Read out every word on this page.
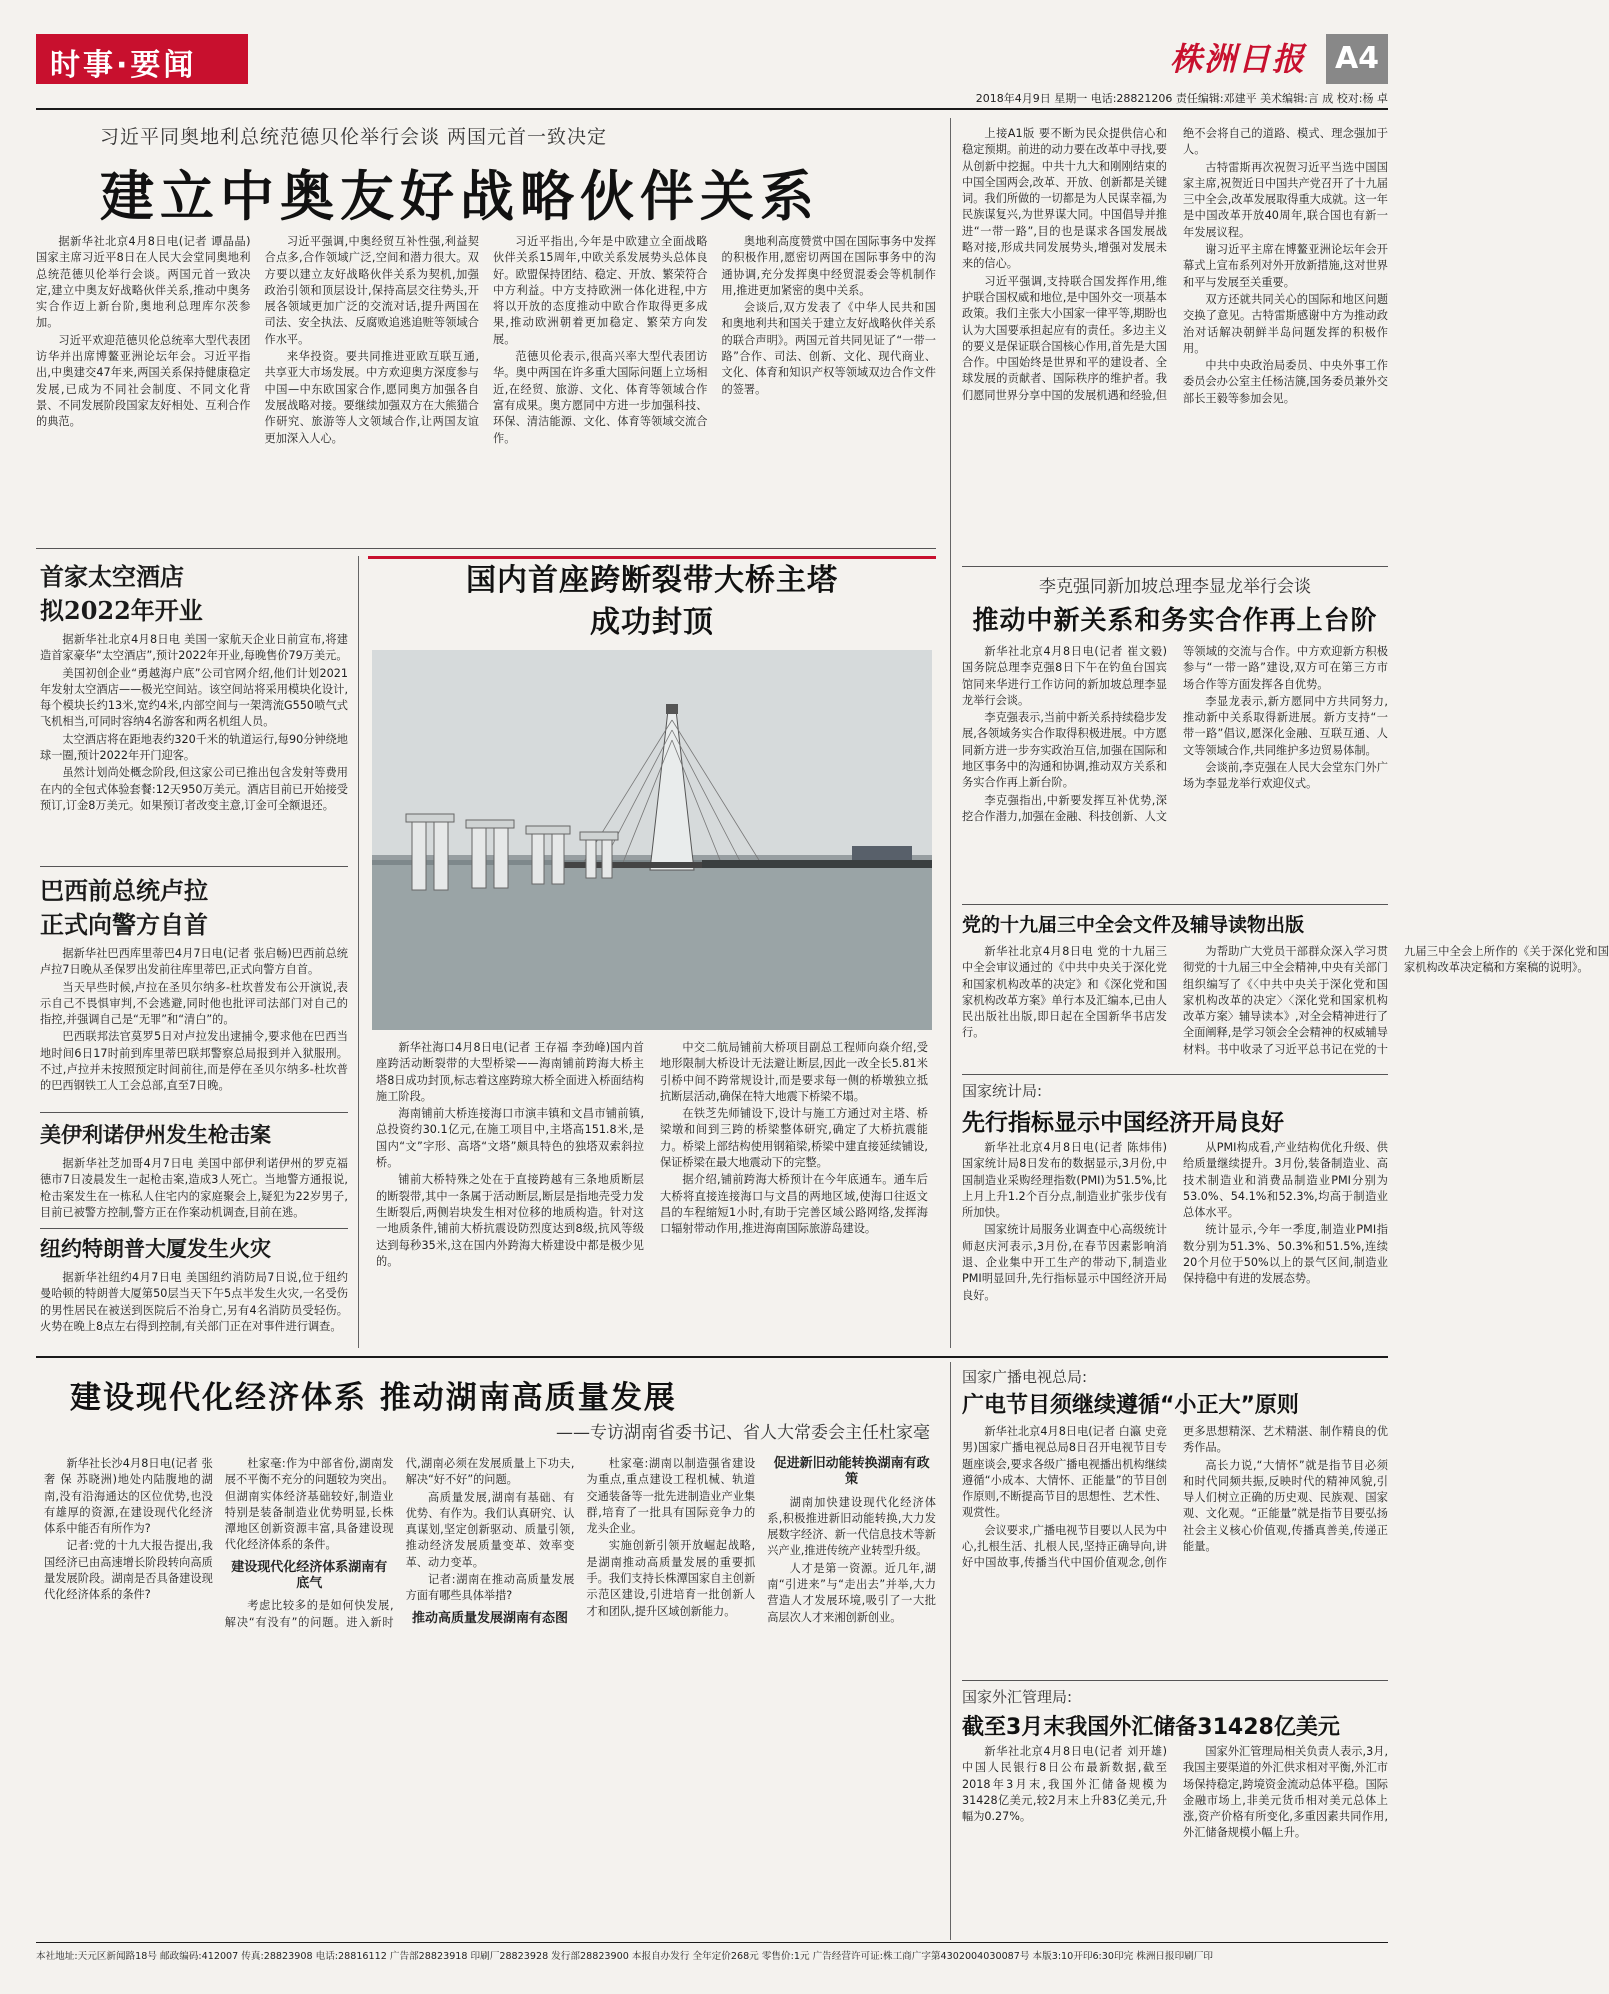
时事·要闻	株洲日报 A4
2018年4月9日 星期一 电话:28821206 责任编辑:邓建平 美术编辑:言 成 校对:杨 卓
习近平同奥地利总统范德贝伦举行会谈 两国元首一致决定
建立中奥友好战略伙伴关系

据新华社北京4月8日电(记者 谭晶晶)国家主席习近平8日在人民大会堂同奥地利总统范德贝伦举行会谈。两国元首一致决定,建立中奥友好战略伙伴关系,推动中奥务实合作迈上新台阶,奥地利总理库尔茨参加。

习近平欢迎范德贝伦总统率大型代表团访华并出席博鳌亚洲论坛年会。习近平指出,中奥建交47年来,两国关系保持健康稳定发展,已成为不同社会制度、不同文化背景、不同发展阶段国家友好相处、互利合作的典范。

习近平强调,中奥经贸互补性强,利益契合点多,合作领域广泛,空间和潜力很大。双方要以建立友好战略伙伴关系为契机,加强政治引领和顶层设计,保持高层交往势头,开展各领域更加广泛的交流对话,提升两国在司法、安全执法、反腐败追逃追赃等领域合作水平。

来华投资。要共同推进亚欧互联互通,共享亚大市场发展。中方欢迎奥方深度参与中国—中东欧国家合作,愿同奥方加强各自发展战略对接。要继续加强双方在大熊猫合作研究、旅游等人文领域合作,让两国友谊更加深入人心。

习近平指出,今年是中欧建立全面战略伙伴关系15周年,中欧关系发展势头总体良好。欧盟保持团结、稳定、开放、繁荣符合中方利益。中方支持欧洲一体化进程,中方将以开放的态度推动中欧合作取得更多成果,推动欧洲朝着更加稳定、繁荣方向发展。

范德贝伦表示,很高兴率大型代表团访华。奥中两国在许多重大国际问题上立场相近,在经贸、旅游、文化、体育等领域合作富有成果。奥方愿同中方进一步加强科技、环保、清洁能源、文化、体育等领域交流合作。

奥地利高度赞赏中国在国际事务中发挥的积极作用,愿密切两国在国际事务中的沟通协调,充分发挥奥中经贸混委会等机制作用,推进更加紧密的奥中关系。

会谈后,双方发表了《中华人民共和国和奥地利共和国关于建立友好战略伙伴关系的联合声明》。两国元首共同见证了“一带一路”合作、司法、创新、文化、现代商业、文化、体育和知识产权等领域双边合作文件的签署。

上接A1版 要不断为民众提供信心和稳定预期。前进的动力要在改革中寻找,要从创新中挖掘。中共十九大和刚刚结束的中国全国两会,改革、开放、创新都是关键词。我们所做的一切都是为人民谋幸福,为民族谋复兴,为世界谋大同。中国倡导并推进“一带一路”,目的也是谋求各国发展战略对接,形成共同发展势头,增强对发展未来的信心。

习近平强调,支持联合国发挥作用,维护联合国权威和地位,是中国外交一项基本政策。我们主张大小国家一律平等,期盼也认为大国要承担起应有的责任。多边主义的要义是保证联合国核心作用,首先是大国合作。中国始终是世界和平的建设者、全球发展的贡献者、国际秩序的维护者。我们愿同世界分享中国的发展机遇和经验,但绝不会将自己的道路、模式、理念强加于人。

古特雷斯再次祝贺习近平当选中国国家主席,祝贺近日中国共产党召开了十九届三中全会,改革发展取得重大成就。这一年是中国改革开放40周年,联合国也有新一年发展议程。

谢习近平主席在博鳌亚洲论坛年会开幕式上宣布系列对外开放新措施,这对世界和平与发展至关重要。

双方还就共同关心的国际和地区问题交换了意见。古特雷斯感谢中方为推动政治对话解决朝鲜半岛问题发挥的积极作用。

中共中央政治局委员、中央外事工作委员会办公室主任杨洁篪,国务委员兼外交部长王毅等参加会见。

首家太空酒店
拟2022年开业

据新华社北京4月8日电 美国一家航天企业日前宣布,将建造首家豪华“太空酒店”,预计2022年开业,每晚售价79万美元。

美国初创企业“勇越海户底”公司官网介绍,他们计划2021年发射太空酒店——极光空间站。该空间站将采用模块化设计,每个模块长约13米,宽约4米,内部空间与一架湾流G550喷气式飞机相当,可同时容纳4名游客和两名机组人员。

太空酒店将在距地表约320千米的轨道运行,每90分钟绕地球一圈,预计2022年开门迎客。

虽然计划尚处概念阶段,但这家公司已推出包含发射等费用在内的全包式体验套餐:12天950万美元。酒店目前已开始接受预订,订金8万美元。如果预订者改变主意,订金可全额退还。

巴西前总统卢拉
正式向警方自首

据新华社巴西库里蒂巴4月7日电(记者 张启畅)巴西前总统卢拉7日晚从圣保罗出发前往库里蒂巴,正式向警方自首。

当天早些时候,卢拉在圣贝尔纳多-杜坎普发布公开演说,表示自己不畏惧审判,不会逃避,同时他也批评司法部门对自己的指控,并强调自己是“无罪”和“清白”的。

巴西联邦法官莫罗5日对卢拉发出逮捕令,要求他在巴西当地时间6日17时前到库里蒂巴联邦警察总局报到并入狱服刑。不过,卢拉并未按照预定时间前往,而是停在圣贝尔纳多-杜坎普的巴西钢铁工人工会总部,直至7日晚。

美伊利诺伊州发生枪击案

据新华社芝加哥4月7日电 美国中部伊利诺伊州的罗克福德市7日凌晨发生一起枪击案,造成3人死亡。当地警方通报说,枪击案发生在一栋私人住宅内的家庭聚会上,疑犯为22岁男子,目前已被警方控制,警方正在作案动机调查,目前在逃。

纽约特朗普大厦发生火灾

据新华社纽约4月7日电 美国纽约消防局7日说,位于纽约曼哈顿的特朗普大厦第50层当天下午5点半发生火灾,一名受伤的男性居民在被送到医院后不治身亡,另有4名消防员受轻伤。火势在晚上8点左右得到控制,有关部门正在对事件进行调查。

国内首座跨断裂带大桥主塔
成功封顶

新华社海口4月8日电(记者 王存福 李劲峰)国内首座跨活动断裂带的大型桥梁——海南铺前跨海大桥主塔8日成功封顶,标志着这座跨琼大桥全面进入桥面结构施工阶段。

海南铺前大桥连接海口市演丰镇和文昌市铺前镇,总投资约30.1亿元,在施工项目中,主塔高151.8米,是国内“文”字形、高塔“文塔”颇具特色的独塔双索斜拉桥。

铺前大桥特殊之处在于直接跨越有三条地质断层的断裂带,其中一条属于活动断层,断层是指地壳受力发生断裂后,两侧岩块发生相对位移的地质构造。针对这一地质条件,铺前大桥抗震设防烈度达到8级,抗风等级达到每秒35米,这在国内外跨海大桥建设中都是极少见的。

中交二航局铺前大桥项目副总工程师向焱介绍,受地形限制大桥设计无法避让断层,因此一改全长5.81米引桥中间不跨常规设计,而是要求每一侧的桥墩独立抵抗断层活动,确保在特大地震下桥梁不塌。

在铁芝先师铺设下,设计与施工方通过对主塔、桥梁墩和间到三跨的桥梁整体研究,确定了大桥抗震能力。桥梁上部结构使用钢箱梁,桥梁中建直接延续铺设,保证桥梁在最大地震动下的完整。

据介绍,铺前跨海大桥预计在今年底通车。通车后大桥将直接连接海口与文昌的两地区域,使海口往返文昌的车程缩短1小时,有助于完善区域公路网络,发挥海口辐射带动作用,推进海南国际旅游岛建设。

李克强同新加坡总理李显龙举行会谈
推动中新关系和务实合作再上台阶

新华社北京4月8日电(记者 崔文毅)国务院总理李克强8日下午在钓鱼台国宾馆同来华进行工作访问的新加坡总理李显龙举行会谈。

李克强表示,当前中新关系持续稳步发展,各领域务实合作取得积极进展。中方愿同新方进一步夯实政治互信,加强在国际和地区事务中的沟通和协调,推动双方关系和务实合作再上新台阶。

李克强指出,中新要发挥互补优势,深挖合作潜力,加强在金融、科技创新、人文等领域的交流与合作。中方欢迎新方积极参与“一带一路”建设,双方可在第三方市场合作等方面发挥各自优势。

李显龙表示,新方愿同中方共同努力,推动新中关系取得新进展。新方支持“一带一路”倡议,愿深化金融、互联互通、人文等领域合作,共同维护多边贸易体制。

会谈前,李克强在人民大会堂东门外广场为李显龙举行欢迎仪式。

党的十九届三中全会文件及辅导读物出版

新华社北京4月8日电 党的十九届三中全会审议通过的《中共中央关于深化党和国家机构改革的决定》和《深化党和国家机构改革方案》单行本及汇编本,已由人民出版社出版,即日起在全国新华书店发行。

为帮助广大党员干部群众深入学习贯彻党的十九届三中全会精神,中央有关部门组织编写了《〈中共中央关于深化党和国家机构改革的决定〉〈深化党和国家机构改革方案〉辅导读本》,对全会精神进行了全面阐释,是学习领会全会精神的权威辅导材料。书中收录了习近平总书记在党的十九届三中全会上所作的《关于深化党和国家机构改革决定稿和方案稿的说明》。

国家统计局:
先行指标显示中国经济开局良好

新华社北京4月8日电(记者 陈炜伟)国家统计局8日发布的数据显示,3月份,中国制造业采购经理指数(PMI)为51.5%,比上月上升1.2个百分点,制造业扩张步伐有所加快。

国家统计局服务业调查中心高级统计师赵庆河表示,3月份,在春节因素影响消退、企业集中开工生产的带动下,制造业PMI明显回升,先行指标显示中国经济开局良好。

从PMI构成看,产业结构优化升级、供给质量继续提升。3月份,装备制造业、高技术制造业和消费品制造业PMI分别为53.0%、54.1%和52.3%,均高于制造业总体水平。

统计显示,今年一季度,制造业PMI指数分别为51.3%、50.3%和51.5%,连续20个月位于50%以上的景气区间,制造业保持稳中有进的发展态势。

建设现代化经济体系 推动湖南高质量发展
——专访湖南省委书记、省人大常委会主任杜家毫

新华社长沙4月8日电(记者 张奢 保 苏晓洲)地处内陆腹地的湖南,没有沿海通达的区位优势,也没有雄厚的资源,在建设现代化经济体系中能否有所作为?

记者:党的十九大报告提出,我国经济已由高速增长阶段转向高质量发展阶段。湖南是否具备建设现代化经济体系的条件?

杜家毫:作为中部省份,湖南发展不平衡不充分的问题较为突出。但湖南实体经济基础较好,制造业特别是装备制造业优势明显,长株潭地区创新资源丰富,具备建设现代化经济体系的条件。

建设现代化经济体系湖南有底气

考虑比较多的是如何快发展,解决“有没有”的问题。进入新时代,湖南必须在发展质量上下功夫,解决“好不好”的问题。

高质量发展,湖南有基础、有优势、有作为。我们认真研究、认真谋划,坚定创新驱动、质量引领,推动经济发展质量变革、效率变革、动力变革。

记者:湖南在推动高质量发展方面有哪些具体举措?

推动高质量发展湖南有态图

杜家毫:湖南以制造强省建设为重点,重点建设工程机械、轨道交通装备等一批先进制造业产业集群,培育了一批具有国际竞争力的龙头企业。

实施创新引领开放崛起战略,是湖南推动高质量发展的重要抓手。我们支持长株潭国家自主创新示范区建设,引进培育一批创新人才和团队,提升区域创新能力。

促进新旧动能转换湖南有政策

湖南加快建设现代化经济体系,积极推进新旧动能转换,大力发展数字经济、新一代信息技术等新兴产业,推进传统产业转型升级。

人才是第一资源。近几年,湖南“引进来”与“走出去”并举,大力营造人才发展环境,吸引了一大批高层次人才来湘创新创业。

国家广播电视总局:
广电节目须继续遵循“小正大”原则

新华社北京4月8日电(记者 白瀛 史竞男)国家广播电视总局8日召开电视节目专题座谈会,要求各级广播电视播出机构继续遵循“小成本、大情怀、正能量”的节目创作原则,不断提高节目的思想性、艺术性、观赏性。

会议要求,广播电视节目要以人民为中心,扎根生活、扎根人民,坚持正确导向,讲好中国故事,传播当代中国价值观念,创作更多思想精深、艺术精湛、制作精良的优秀作品。

高长力说,“大情怀”就是指节目必须和时代同频共振,反映时代的精神风貌,引导人们树立正确的历史观、民族观、国家观、文化观。“正能量”就是指节目要弘扬社会主义核心价值观,传播真善美,传递正能量。

国家外汇管理局:
截至3月末我国外汇储备31428亿美元

新华社北京4月8日电(记者 刘开雄)中国人民银行8日公布最新数据,截至2018年3月末,我国外汇储备规模为31428亿美元,较2月末上升83亿美元,升幅为0.27%。

国家外汇管理局相关负责人表示,3月,我国主要渠道的外汇供求相对平衡,外汇市场保持稳定,跨境资金流动总体平稳。国际金融市场上,非美元货币相对美元总体上涨,资产价格有所变化,多重因素共同作用,外汇储备规模小幅上升。

本社地址:天元区新闻路18号 邮政编码:412007 传真:28823908 电话:28816112 广告部28823918 印刷厂28823928 发行部28823900 本报自办发行 全年定价268元 零售价:1元 广告经营许可证:株工商广字第4302004030087号 本版3:10开印6:30印完 株洲日报印刷厂印
